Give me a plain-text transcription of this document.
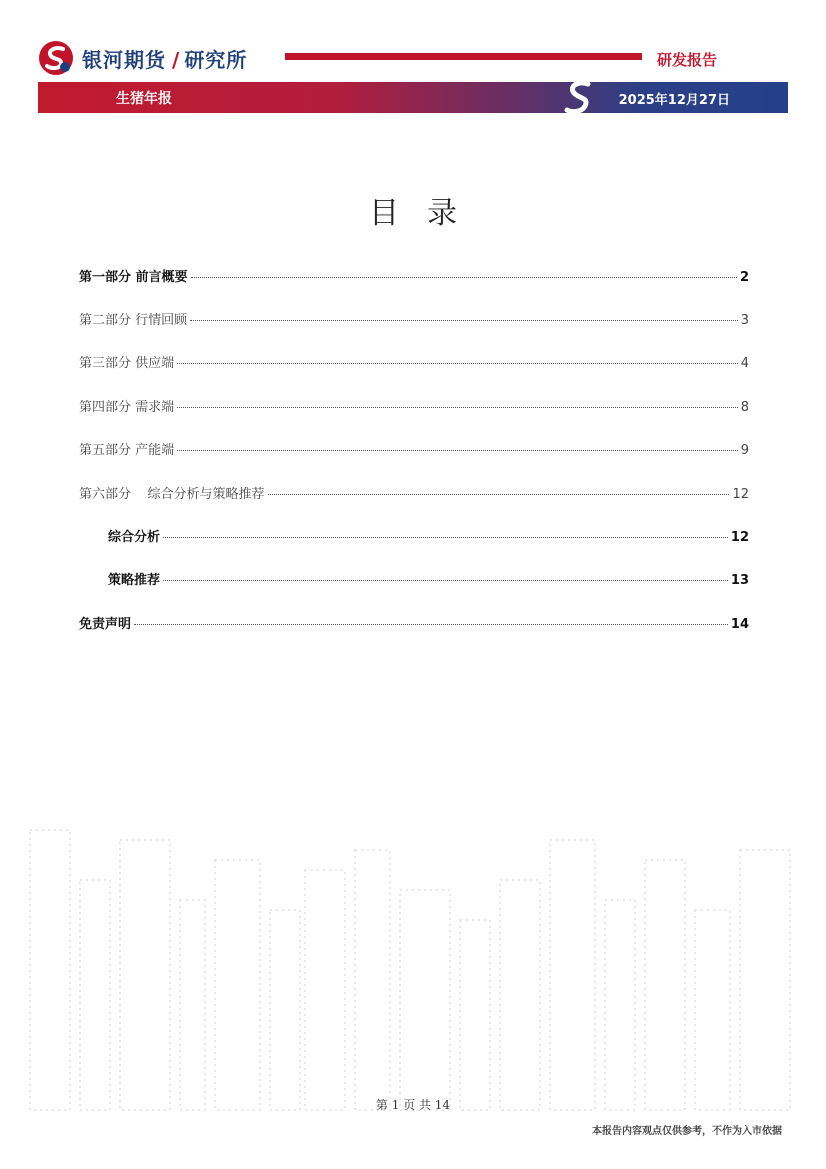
银河期货 / 研究所	研发报告
生猪年报	2025年12月27日
目录
第一部分 前言概要	2
第二部分 行情回顾	3
第三部分 供应端	4
第四部分 需求端	8
第五部分 产能端	9
第六部分    综合分析与策略推荐	12
综合分析	12
策略推荐	13
免责声明	14
第 1 页 共 14
本报告内容观点仅供参考，不作为入市依据
